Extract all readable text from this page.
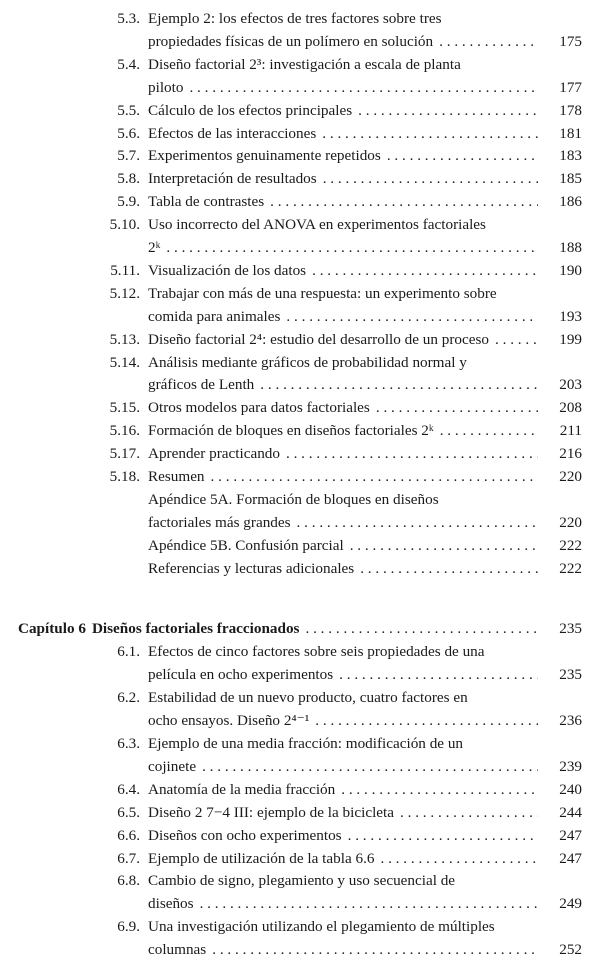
5.3. Ejemplo 2: los efectos de tres factores sobre tres
propiedades físicas de un polímero en solución . . .	175
5.4. Diseño factorial 2³: investigación a escala de planta
piloto . . .	177
5.5. Cálculo de los efectos principales . . .	178
5.6. Efectos de las interacciones . . .	181
5.7. Experimentos genuinamente repetidos . . .	183
5.8. Interpretación de resultados . . .	185
5.9. Tabla de contrastes . . .	186
5.10. Uso incorrecto del ANOVA en experimentos factoriales
2ᵏ . . .	188
5.11. Visualización de los datos . . .	190
5.12. Trabajar con más de una respuesta: un experimento sobre
comida para animales . . .	193
5.13. Diseño factorial 2⁴: estudio del desarrollo de un proceso . . .	199
5.14. Análisis mediante gráficos de probabilidad normal y
gráficos de Lenth . . .	203
5.15. Otros modelos para datos factoriales . . .	208
5.16. Formación de bloques en diseños factoriales 2ᵏ . . .	211
5.17. Aprender practicando . . .	216
5.18. Resumen . . .	220
Apéndice 5A. Formación de bloques en diseños
factoriales más grandes . . .	220
Apéndice 5B. Confusión parcial . . .	222
Referencias y lecturas adicionales . . .	222
Capítulo 6 Diseños factoriales fraccionados . . .	235
6.1. Efectos de cinco factores sobre seis propiedades de una
película en ocho experimentos . . .	235
6.2. Estabilidad de un nuevo producto, cuatro factores en
ocho ensayos. Diseño 2⁴⁻¹ . . .	236
6.3. Ejemplo de una media fracción: modificación de un
cojinete . . .	239
6.4. Anatomía de la media fracción . . .	240
6.5. Diseño 2 7−4 III: ejemplo de la bicicleta . . .	244
6.6. Diseños con ocho experimentos . . .	247
6.7. Ejemplo de utilización de la tabla 6.6 . . .	247
6.8. Cambio de signo, plegamiento y uso secuencial de
diseños . . .	249
6.9. Una investigación utilizando el plegamiento de múltiples
columnas . . .	252
